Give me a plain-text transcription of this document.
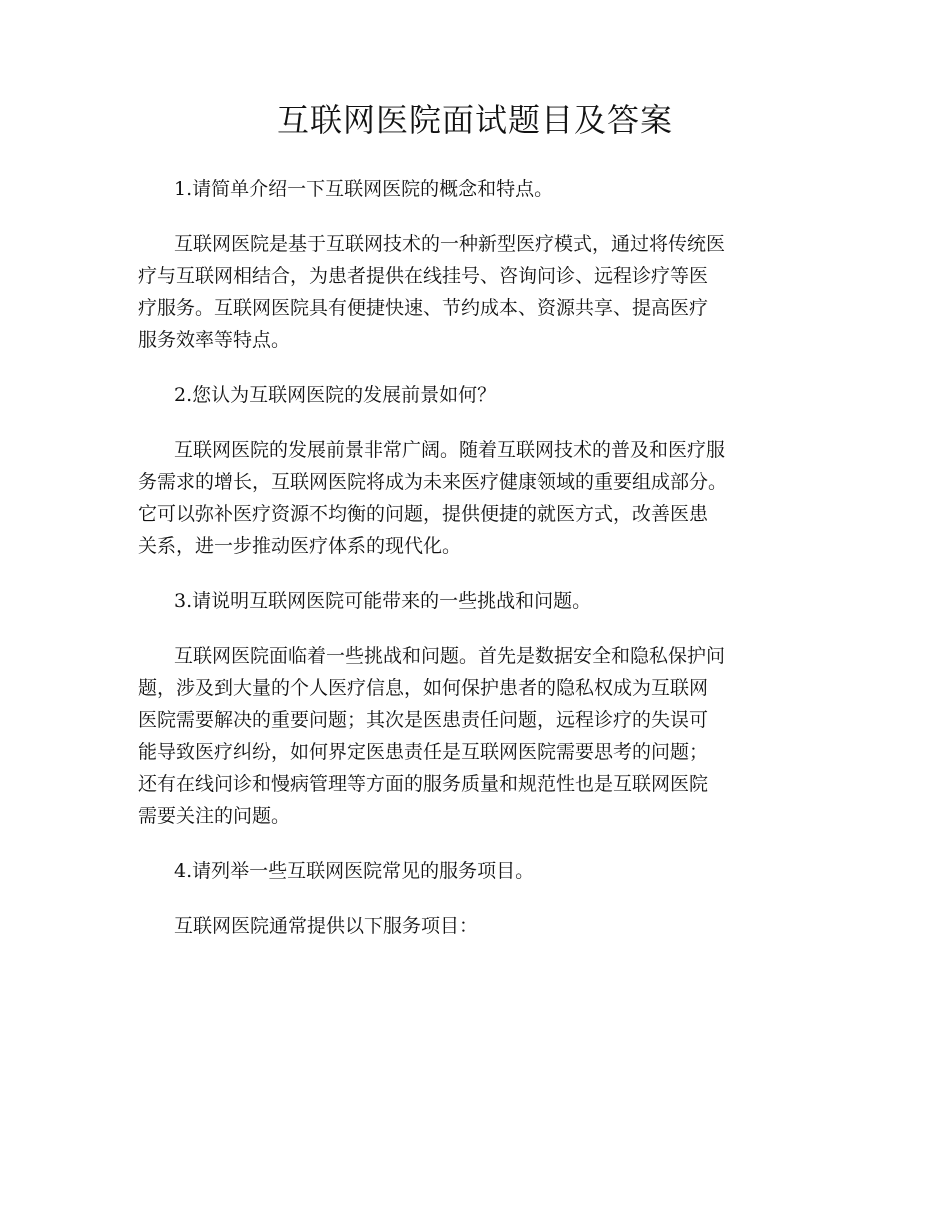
互联网医院面试题目及答案

1.请简单介绍一下互联网医院的概念和特点。

互联网医院是基于互联网技术的一种新型医疗模式，通过将传统医
疗与互联网相结合，为患者提供在线挂号、咨询问诊、远程诊疗等医
疗服务。互联网医院具有便捷快速、节约成本、资源共享、提高医疗
服务效率等特点。

2.您认为互联网医院的发展前景如何？

互联网医院的发展前景非常广阔。随着互联网技术的普及和医疗服
务需求的增长，互联网医院将成为未来医疗健康领域的重要组成部分。
它可以弥补医疗资源不均衡的问题，提供便捷的就医方式，改善医患
关系，进一步推动医疗体系的现代化。

3.请说明互联网医院可能带来的一些挑战和问题。

互联网医院面临着一些挑战和问题。首先是数据安全和隐私保护问
题，涉及到大量的个人医疗信息，如何保护患者的隐私权成为互联网
医院需要解决的重要问题；其次是医患责任问题，远程诊疗的失误可
能导致医疗纠纷，如何界定医患责任是互联网医院需要思考的问题；
还有在线问诊和慢病管理等方面的服务质量和规范性也是互联网医院
需要关注的问题。

4.请列举一些互联网医院常见的服务项目。

互联网医院通常提供以下服务项目：
